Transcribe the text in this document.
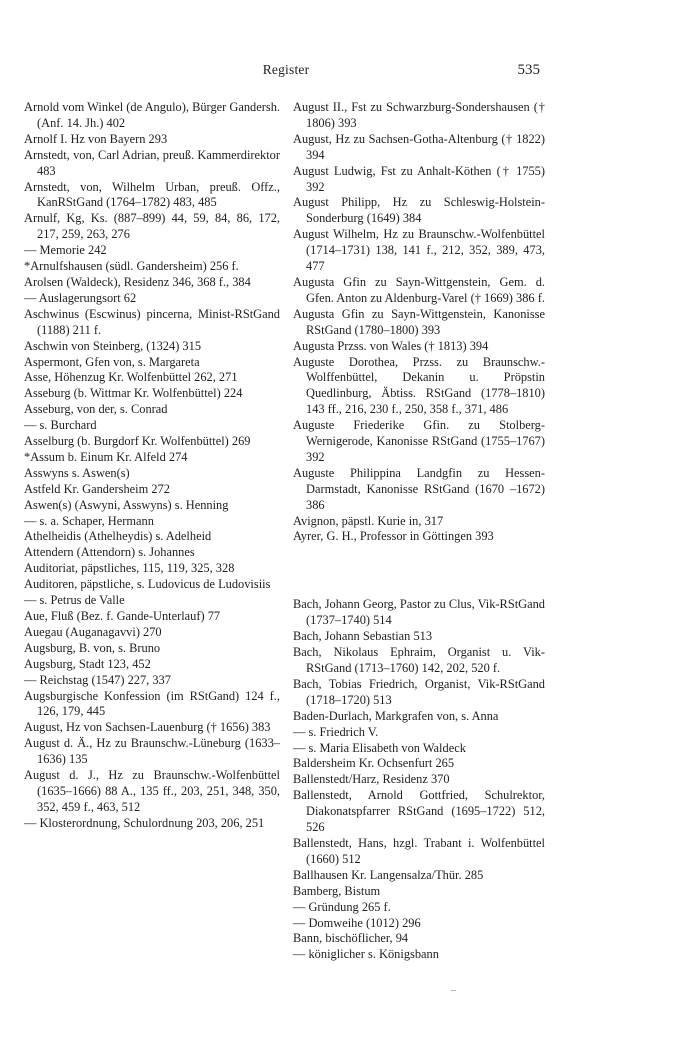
Register	535

Arnold vom Winkel (de Angulo), Bürger Gandersh. (Anf. 14. Jh.) 402

Arnolf I. Hz von Bayern 293

Arnstedt, von, Carl Adrian, preuß. Kammerdirektor 483

Arnstedt, von, Wilhelm Urban, preuß. Offz., KanRStGand (1764–1782) 483, 485

Arnulf, Kg, Ks. (887–899) 44, 59, 84, 86, 172, 217, 259, 263, 276

— Memorie 242

*Arnulfshausen (südl. Gandersheim) 256 f.

Arolsen (Waldeck), Residenz 346, 368 f., 384

— Auslagerungsort 62

Aschwinus (Escwinus) pincerna, Minist-RStGand (1188) 211 f.

Aschwin von Steinberg, (1324) 315

Aspermont, Gfen von, s. Margareta

Asse, Höhenzug Kr. Wolfenbüttel 262, 271

Asseburg (b. Wittmar Kr. Wolfenbüttel) 224

Asseburg, von der, s. Conrad

— s. Burchard

Asselburg (b. Burgdorf Kr. Wolfenbüttel) 269

*Assum b. Einum Kr. Alfeld 274

Asswyns s. Aswen(s)

Astfeld Kr. Gandersheim 272

Aswen(s) (Aswyni, Asswyns) s. Henning

— s. a. Schaper, Hermann

Athelheidis (Athelheydis) s. Adelheid

Attendern (Attendorn) s. Johannes

Auditoriat, päpstliches, 115, 119, 325, 328

Auditoren, päpstliche, s. Ludovicus de Ludovisiis

— s. Petrus de Valle

Aue, Fluß (Bez. f. Gande-Unterlauf) 77

Auegau (Auganagavvi) 270

Augsburg, B. von, s. Bruno

Augsburg, Stadt 123, 452

— Reichstag (1547) 227, 337

Augsburgische Konfession (im RStGand) 124 f., 126, 179, 445

August, Hz von Sachsen-Lauenburg († 1656) 383

August d. Ä., Hz zu Braunschw.-Lüneburg (1633–1636) 135

August d. J., Hz zu Braunschw.-Wolfenbüttel (1635–1666) 88 A., 135 ff., 203, 251, 348, 350, 352, 459 f., 463, 512

— Klosterordnung, Schulordnung 203, 206, 251

August II., Fst zu Schwarzburg-Sondershausen († 1806) 393

August, Hz zu Sachsen-Gotha-Altenburg († 1822) 394

August Ludwig, Fst zu Anhalt-Köthen († 1755) 392

August Philipp, Hz zu Schleswig-Holstein-Sonderburg (1649) 384

August Wilhelm, Hz zu Braunschw.-Wolfenbüttel (1714–1731) 138, 141 f., 212, 352, 389, 473, 477

Augusta Gfin zu Sayn-Wittgenstein, Gem. d. Gfen. Anton zu Aldenburg-Varel († 1669) 386 f.

Augusta Gfin zu Sayn-Wittgenstein, Kanonisse RStGand (1780–1800) 393

Augusta Przss. von Wales († 1813) 394

Auguste Dorothea, Przss. zu Braunschw.-Wolffenbüttel, Dekanin u. Pröpstin Quedlinburg, Äbtiss. RStGand (1778–1810) 143 ff., 216, 230 f., 250, 358 f., 371, 486

Auguste Friederike Gfin. zu Stolberg-Wernigerode, Kanonisse RStGand (1755–1767) 392

Auguste Philippina Landgfin zu Hessen-Darmstadt, Kanonisse RStGand (1670 –1672) 386

Avignon, päpstl. Kurie in, 317

Ayrer, G. H., Professor in Göttingen 393

Bach, Johann Georg, Pastor zu Clus, Vik-RStGand (1737–1740) 514

Bach, Johann Sebastian 513

Bach, Nikolaus Ephraim, Organist u. Vik-RStGand (1713–1760) 142, 202, 520 f.

Bach, Tobias Friedrich, Organist, Vik-RStGand (1718–1720) 513

Baden-Durlach, Markgrafen von, s. Anna

— s. Friedrich V.

— s. Maria Elisabeth von Waldeck

Baldersheim Kr. Ochsenfurt 265

Ballenstedt/Harz, Residenz 370

Ballenstedt, Arnold Gottfried, Schulrektor, Diakonatspfarrer RStGand (1695–1722) 512, 526

Ballenstedt, Hans, hzgl. Trabant i. Wolfenbüttel (1660) 512

Ballhausen Kr. Langensalza/Thür. 285

Bamberg, Bistum

— Gründung 265 f.

— Domweihe (1012) 296

Bann, bischöflicher, 94

— königlicher s. Königsbann
